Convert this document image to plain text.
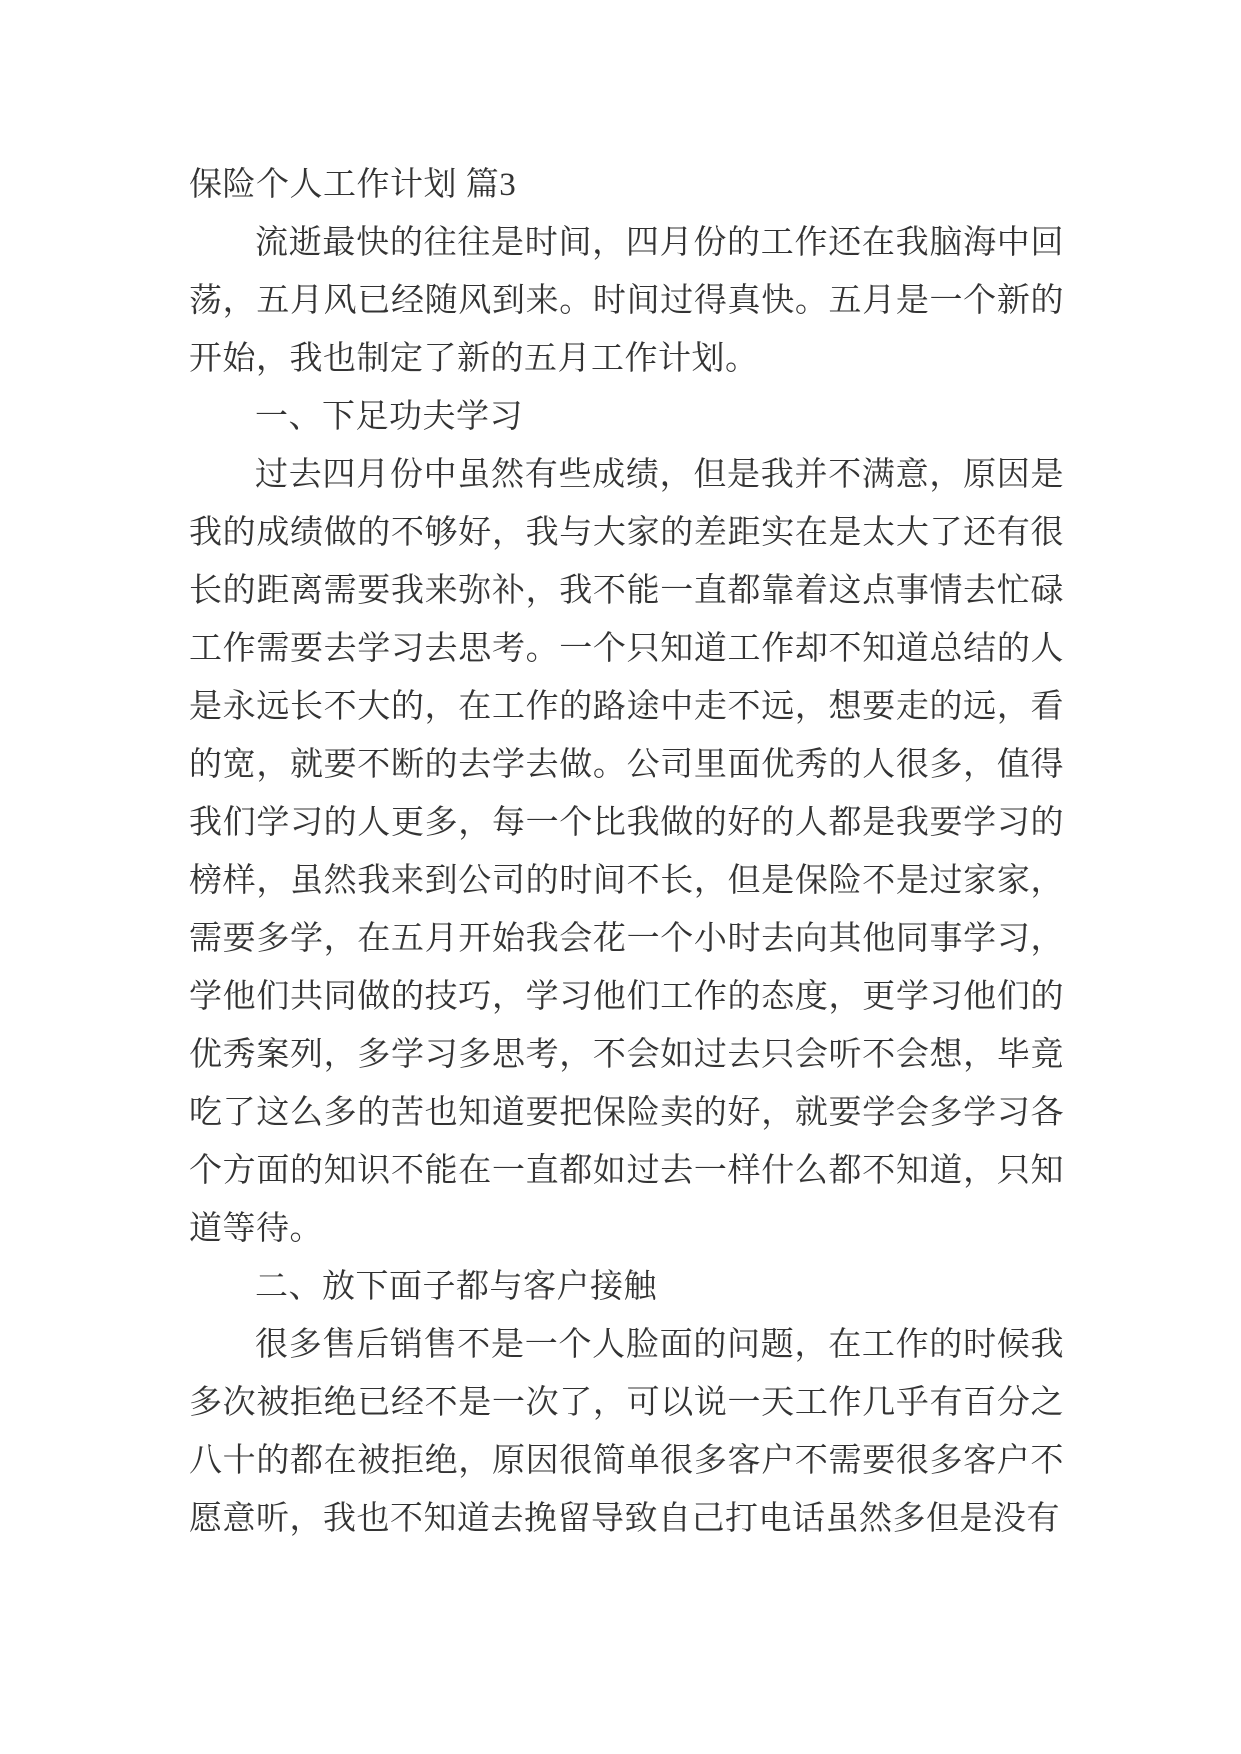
保险个人工作计划 篇3

流逝最快的往往是时间，四月份的工作还在我脑海中回荡，五月风已经随风到来。时间过得真快。五月是一个新的开始，我也制定了新的五月工作计划。

一、下足功夫学习

过去四月份中虽然有些成绩，但是我并不满意，原因是我的成绩做的不够好，我与大家的差距实在是太大了还有很长的距离需要我来弥补，我不能一直都靠着这点事情去忙碌工作需要去学习去思考。一个只知道工作却不知道总结的人是永远长不大的，在工作的路途中走不远，想要走的远，看的宽，就要不断的去学去做。公司里面优秀的人很多，值得我们学习的人更多，每一个比我做的好的人都是我要学习的榜样，虽然我来到公司的时间不长，但是保险不是过家家，需要多学，在五月开始我会花一个小时去向其他同事学习，学他们共同做的技巧，学习他们工作的态度，更学习他们的优秀案列，多学习多思考，不会如过去只会听不会想，毕竟吃了这么多的苦也知道要把保险卖的好，就要学会多学习各个方面的知识不能在一直都如过去一样什么都不知道，只知道等待。

二、放下面子都与客户接触

很多售后销售不是一个人脸面的问题，在工作的时候我多次被拒绝已经不是一次了，可以说一天工作几乎有百分之八十的都在被拒绝，原因很简单很多客户不需要很多客户不愿意听，我也不知道去挽留导致自己打电话虽然多但是没有
